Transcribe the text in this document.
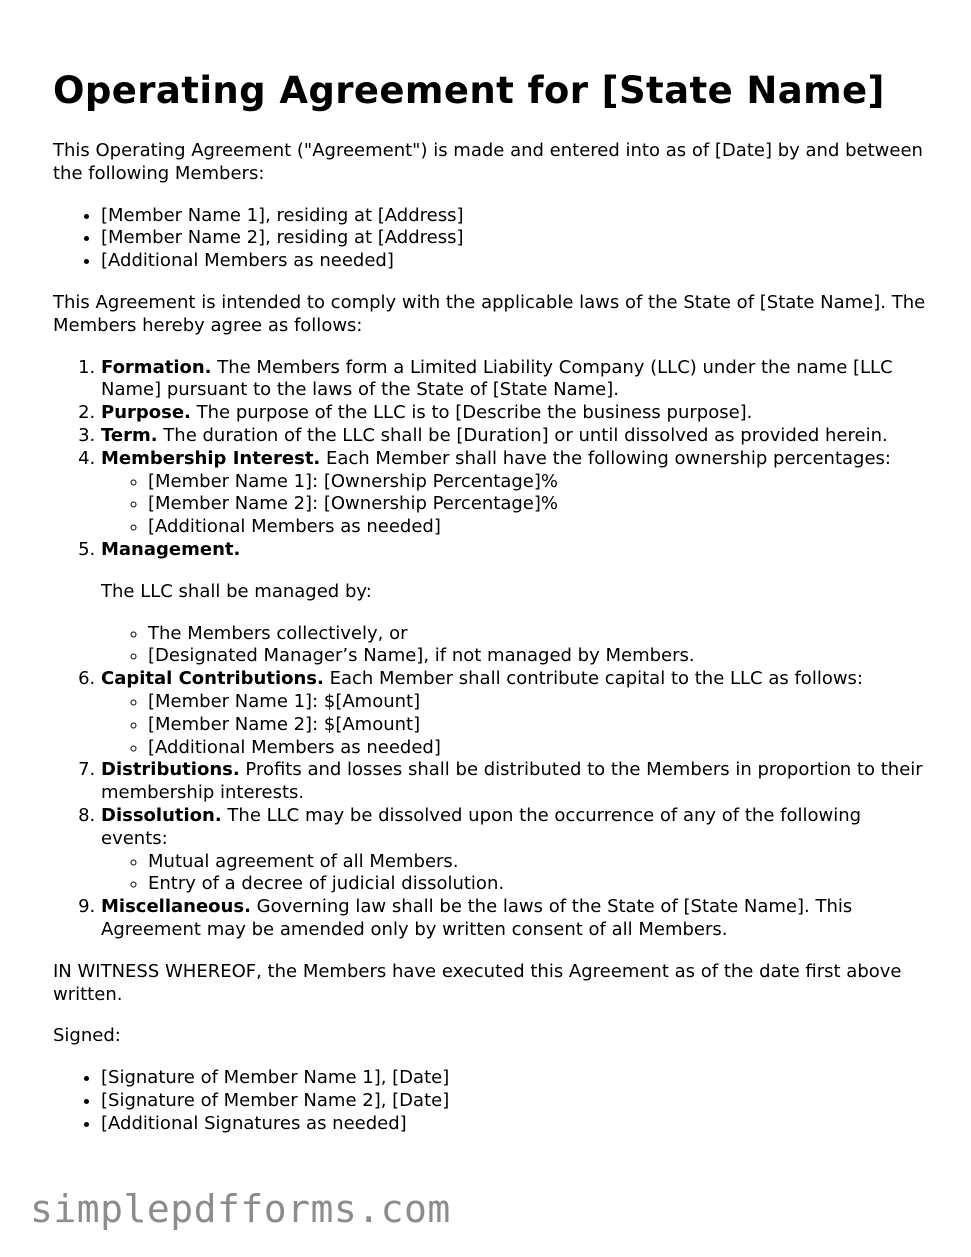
Operating Agreement for [State Name]

This Operating Agreement ("Agreement") is made and entered into as of [Date] by and between the following Members:

• [Member Name 1], residing at [Address]
• [Member Name 2], residing at [Address]
• [Additional Members as needed]

This Agreement is intended to comply with the applicable laws of the State of [State Name]. The Members hereby agree as follows:

1. Formation. The Members form a Limited Liability Company (LLC) under the name [LLC Name] pursuant to the laws of the State of [State Name].
2. Purpose. The purpose of the LLC is to [Describe the business purpose].
3. Term. The duration of the LLC shall be [Duration] or until dissolved as provided herein.
4. Membership Interest. Each Member shall have the following ownership percentages:
◦ [Member Name 1]: [Ownership Percentage]%
◦ [Member Name 2]: [Ownership Percentage]%
◦ [Additional Members as needed]
5. Management.

The LLC shall be managed by:

◦ The Members collectively, or
◦ [Designated Manager’s Name], if not managed by Members.
6. Capital Contributions. Each Member shall contribute capital to the LLC as follows:
◦ [Member Name 1]: $[Amount]
◦ [Member Name 2]: $[Amount]
◦ [Additional Members as needed]
7. Distributions. Profits and losses shall be distributed to the Members in proportion to their membership interests.
8. Dissolution. The LLC may be dissolved upon the occurrence of any of the following events:
◦ Mutual agreement of all Members.
◦ Entry of a decree of judicial dissolution.
9. Miscellaneous. Governing law shall be the laws of the State of [State Name]. This Agreement may be amended only by written consent of all Members.

IN WITNESS WHEREOF, the Members have executed this Agreement as of the date first above written.

Signed:

• [Signature of Member Name 1], [Date]
• [Signature of Member Name 2], [Date]
• [Additional Signatures as needed]
simplepdfforms.com
